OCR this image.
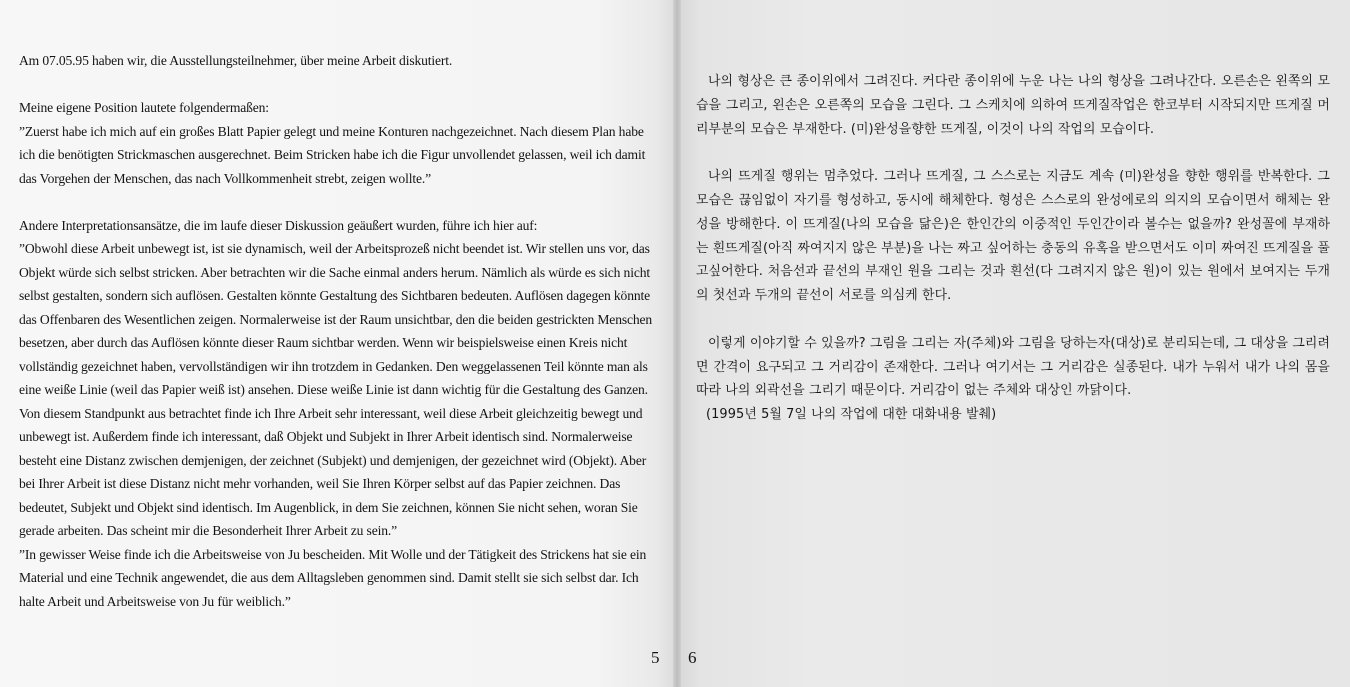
Am 07.05.95 haben wir, die Ausstellungsteilnehmer, über meine Arbeit diskutiert.

Meine eigene Position lautete folgendermaßen:

”Zuerst habe ich mich auf ein großes Blatt Papier gelegt und meine Konturen nachgezeichnet. Nach diesem Plan habe ich die benötigten Strickmaschen ausgerechnet. Beim Stricken habe ich die Figur unvollendet gelassen, weil ich damit das Vorgehen der Menschen, das nach Vollkommenheit strebt, zeigen wollte.”

Andere Interpretationsansätze, die im laufe dieser Diskussion geäußert wurden, führe ich hier auf:

”Obwohl diese Arbeit unbewegt ist, ist sie dynamisch, weil der Arbeitsprozeß nicht beendet ist. Wir stellen uns vor, das Objekt würde sich selbst stricken. Aber betrachten wir die Sache einmal anders herum. Nämlich als würde es sich nicht selbst gestalten, sondern sich auflösen. Gestalten könnte Gestaltung des Sichtbaren bedeuten. Auflösen dagegen könnte das Offenbaren des Wesentlichen zeigen. Normalerweise ist der Raum unsichtbar, den die beiden gestrickten Menschen besetzen, aber durch das Auflösen könnte dieser Raum sichtbar werden. Wenn wir beispielsweise einen Kreis nicht vollständig gezeichnet haben, vervollständigen wir ihn trotzdem in Gedanken. Den weggelassenen Teil könnte man als eine weiße Linie (weil das Papier weiß ist) ansehen. Diese weiße Linie ist dann wichtig für die Gestaltung des Ganzen. Von diesem Standpunkt aus betrachtet finde ich Ihre Arbeit sehr interessant, weil diese Arbeit gleichzeitig bewegt und unbewegt ist. Außerdem finde ich interessant, daß Objekt und Subjekt in Ihrer Arbeit identisch sind. Normalerweise besteht eine Distanz zwischen demjenigen, der zeichnet (Subjekt) und demjenigen, der gezeichnet wird (Objekt). Aber bei Ihrer Arbeit ist diese Distanz nicht mehr vorhanden, weil Sie Ihren Körper selbst auf das Papier zeichnen. Das bedeutet, Subjekt und Objekt sind identisch. Im Augenblick, in dem Sie zeichnen, können Sie nicht sehen, woran Sie gerade arbeiten. Das scheint mir die Besonderheit Ihrer Arbeit zu sein.”

”In gewisser Weise finde ich die Arbeitsweise von Ju bescheiden. Mit Wolle und der Tätigkeit des Strickens hat sie ein Material und eine Technik angewendet, die aus dem Alltagsleben genommen sind. Damit stellt sie sich selbst dar. Ich halte Arbeit und Arbeitsweise von Ju für weiblich.”

5 6

나의 형상은 큰 종이위에서 그려진다. 커다란 종이위에 누운 나는 나의 형상을 그려나간다. 오른손은 왼쪽의 모습을 그리고, 왼손은 오른쪽의 모습을 그린다. 그 스케치에 의하여 뜨게질작업은 한코부터 시작되지만 뜨게질 머리부분의 모습은 부재한다. (미)완성을향한 뜨게질, 이것이 나의 작업의 모습이다.

나의 뜨게질 행위는 멈추었다. 그러나 뜨게질, 그 스스로는 지금도 계속 (미)완성을 향한 행위를 반복한다. 그 모습은 끊임없이 자기를 형성하고, 동시에 해체한다. 형성은 스스로의 완성에로의 의지의 모습이면서 해체는 완성을 방해한다. 이 뜨게질(나의 모습을 닮은)은 한인간의 이중적인 두인간이라 볼수는 없을까? 완성꼴에 부재하는 흰뜨게질(아직 짜여지지 않은 부분)을 나는 짜고 싶어하는 충동의 유혹을 받으면서도 이미 짜여진 뜨게질을 풀고싶어한다. 처음선과 끝선의 부재인 원을 그리는 것과 흰선(다 그려지지 않은 원)이 있는 원에서 보여지는 두개의 첫선과 두개의 끝선이 서로를 의심케 한다.

이렇게 이야기할 수 있을까? 그림을 그리는 자(주체)와 그림을 당하는자(대상)로 분리되는데, 그 대상을 그리려면 간격이 요구되고 그 거리감이 존재한다. 그러나 여기서는 그 거리감은 실종된다. 내가 누워서 내가 나의 몸을 따라 나의 외곽선을 그리기 때문이다. 거리감이 없는 주체와 대상인 까닭이다.

(1995년 5월 7일 나의 작업에 대한 대화내용 발췌)
